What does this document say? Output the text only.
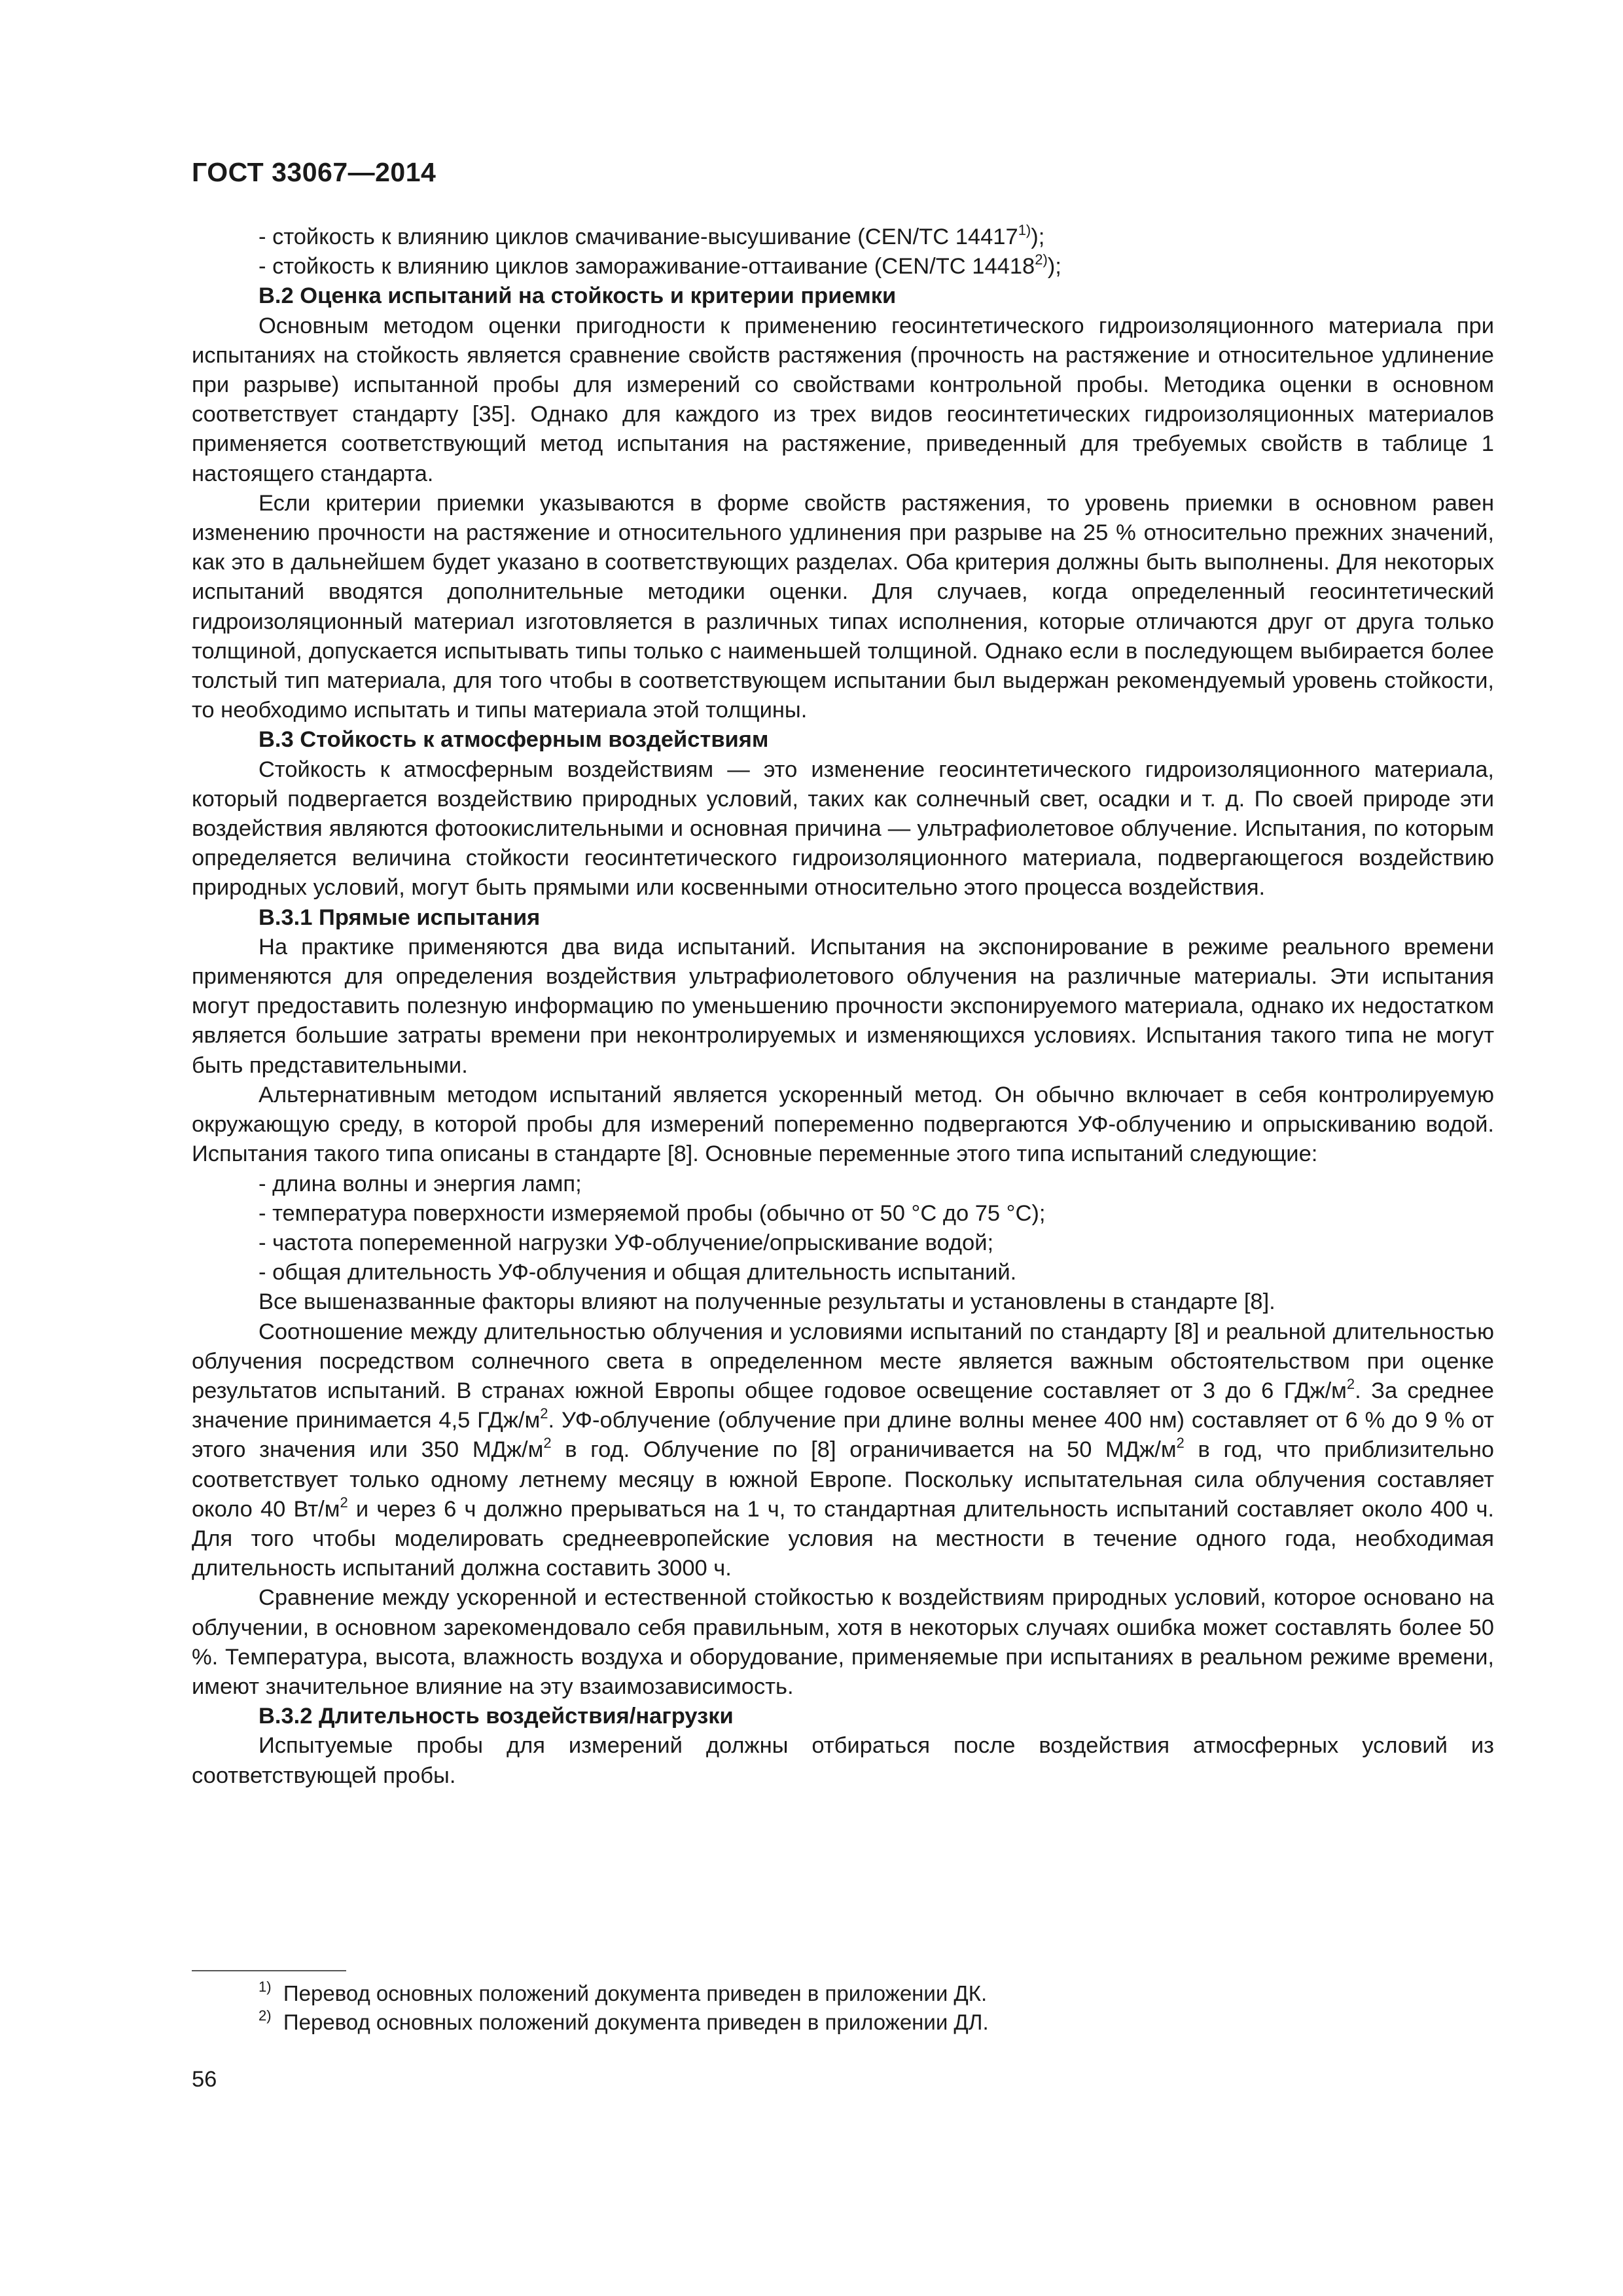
ГОСТ 33067—2014

- стойкость к влиянию циклов смачивание-высушивание (CEN/TC 14417$^{1)}$);

- стойкость к влиянию циклов замораживание-оттаивание (CEN/TC 14418$^{2)}$);

В.2 Оценка испытаний на стойкость и критерии приемки

Основным методом оценки пригодности к применению геосинтетического гидроизоляционного материала при испытаниях на стойкость является сравнение свойств растяжения (прочность на растяжение и относительное удлинение при разрыве) испытанной пробы для измерений со свойствами контрольной пробы. Методика оценки в основном соответствует стандарту [35]. Однако для каждого из трех видов геосинтетических гидроизоляционных материалов применяется соответствующий метод испытания на растяжение, приведенный для требуемых свойств в таблице 1 настоящего стандарта.

Если критерии приемки указываются в форме свойств растяжения, то уровень приемки в основном равен изменению прочности на растяжение и относительного удлинения при разрыве на 25 % относительно прежних значений, как это в дальнейшем будет указано в соответствующих разделах. Оба критерия должны быть выполнены. Для некоторых испытаний вводятся дополнительные методики оценки. Для случаев, когда определенный геосинтетический гидроизоляционный материал изготовляется в различных типах исполнения, которые отличаются друг от друга только толщиной, допускается испытывать типы только с наименьшей толщиной. Однако если в последующем выбирается более толстый тип материала, для того чтобы в соответствующем испытании был выдержан рекомендуемый уровень стойкости, то необходимо испытать и типы материала этой толщины.

В.3 Стойкость к атмосферным воздействиям

Стойкость к атмосферным воздействиям — это изменение геосинтетического гидроизоляционного материала, который подвергается воздействию природных условий, таких как солнечный свет, осадки и т. д. По своей природе эти воздействия являются фотоокислительными и основная причина — ультрафиолетовое облучение. Испытания, по которым определяется величина стойкости геосинтетического гидроизоляционного материала, подвергающегося воздействию природных условий, могут быть прямыми или косвенными относительно этого процесса воздействия.

В.3.1 Прямые испытания

На практике применяются два вида испытаний. Испытания на экспонирование в режиме реального времени применяются для определения воздействия ультрафиолетового облучения на различные материалы. Эти испытания могут предоставить полезную информацию по уменьшению прочности экспонируемого материала, однако их недостатком является большие затраты времени при неконтролируемых и изменяющихся условиях. Испытания такого типа не могут быть представительными.

Альтернативным методом испытаний является ускоренный метод. Он обычно включает в себя контролируемую окружающую среду, в которой пробы для измерений попеременно подвергаются УФ-облучению и опрыскиванию водой. Испытания такого типа описаны в стандарте [8]. Основные переменные этого типа испытаний следующие:

- длина волны и энергия ламп;

- температура поверхности измеряемой пробы (обычно от 50 °С до 75 °С);

- частота попеременной нагрузки УФ-облучение/опрыскивание водой;

- общая длительность УФ-облучения и общая длительность испытаний.

Все вышеназванные факторы влияют на полученные результаты и установлены в стандарте [8].

Соотношение между длительностью облучения и условиями испытаний по стандарту [8] и реальной длительностью облучения посредством солнечного света в определенном месте является важным обстоятельством при оценке результатов испытаний. В странах южной Европы общее годовое освещение составляет от 3 до 6 ГДж/$м^2$. За среднее значение принимается 4,5 ГДж/$м^2$. УФ-облучение (облучение при длине волны менее 400 нм) составляет от 6 % до 9 % от этого значения или 350 МДж/$м^2$ в год. Облучение по [8] ограничивается на 50 МДж/$м^2$ в год, что приблизительно соответствует только одному летнему месяцу в южной Европе. Поскольку испытательная сила облучения составляет около 40 $Вт/м^2$ и через 6 ч должно прерываться на 1 ч, то стандартная длительность испытаний составляет около 400 ч. Для того чтобы моделировать среднеевропейские условия на местности в течение одного года, необходимая длительность испытаний должна составить 3000 ч.

Сравнение между ускоренной и естественной стойкостью к воздействиям природных условий, которое основано на облучении, в основном зарекомендовало себя правильным, хотя в некоторых случаях ошибка может составлять более 50 %. Температура, высота, влажность воздуха и оборудование, применяемые при испытаниях в реальном режиме времени, имеют значительное влияние на эту взаимозависимость.

В.3.2 Длительность воздействия/нагрузки

Испытуемые пробы для измерений должны отбираться после воздействия атмосферных условий из соответствующей пробы.

$^{1)}$ Перевод основных положений документа приведен в приложении ДК.

$^{2)}$ Перевод основных положений документа приведен в приложении ДЛ.

56
